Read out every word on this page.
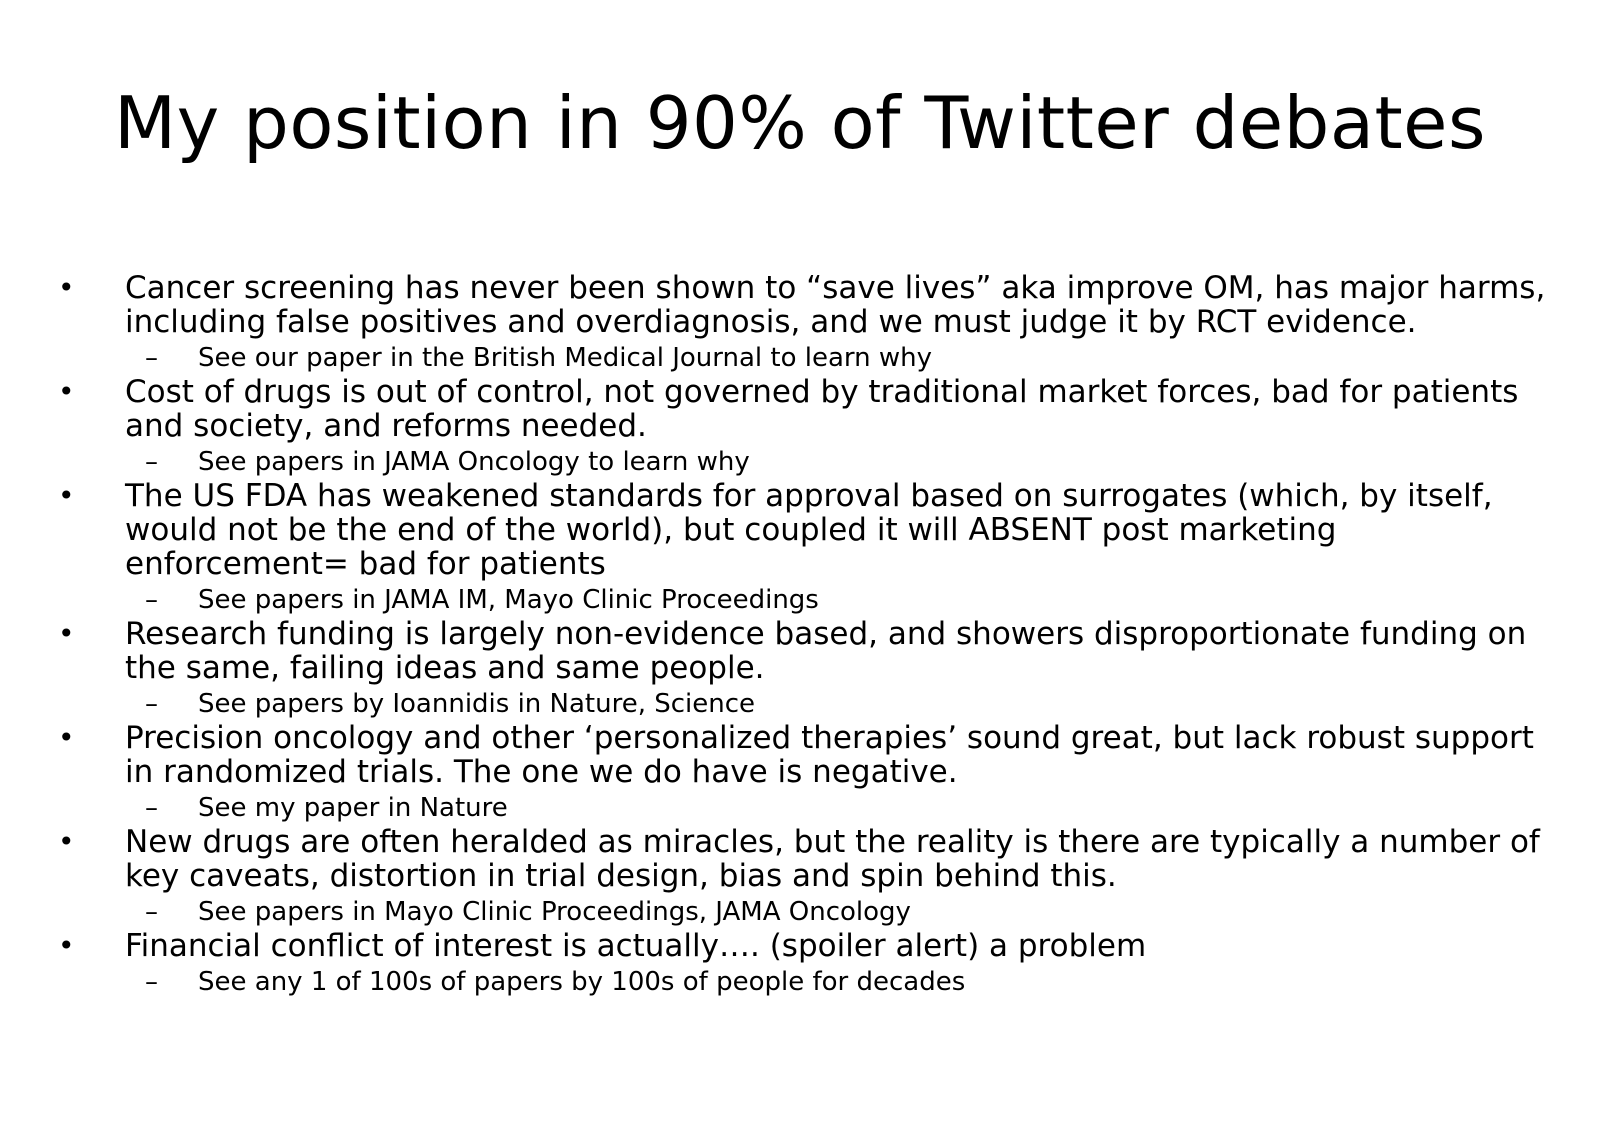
My position in 90% of Twitter debates
• Cancer screening has never been shown to “save lives” aka improve OM, has major harms, including false positives and overdiagnosis, and we must judge it by RCT evidence.
– See our paper in the British Medical Journal to learn why
• Cost of drugs is out of control, not governed by traditional market forces, bad for patients and society, and reforms needed.
– See papers in JAMA Oncology to learn why
• The US FDA has weakened standards for approval based on surrogates (which, by itself, would not be the end of the world), but coupled it will ABSENT post marketing enforcement= bad for patients
– See papers in JAMA IM, Mayo Clinic Proceedings
• Research funding is largely non-evidence based, and showers disproportionate funding on the same, failing ideas and same people.
– See papers by Ioannidis in Nature, Science
• Precision oncology and other ‘personalized therapies’ sound great, but lack robust support in randomized trials. The one we do have is negative.
– See my paper in Nature
• New drugs are often heralded as miracles, but the reality is there are typically a number of key caveats, distortion in trial design, bias and spin behind this.
– See papers in Mayo Clinic Proceedings, JAMA Oncology
• Financial conflict of interest is actually…. (spoiler alert) a problem
– See any 1 of 100s of papers by 100s of people for decades
